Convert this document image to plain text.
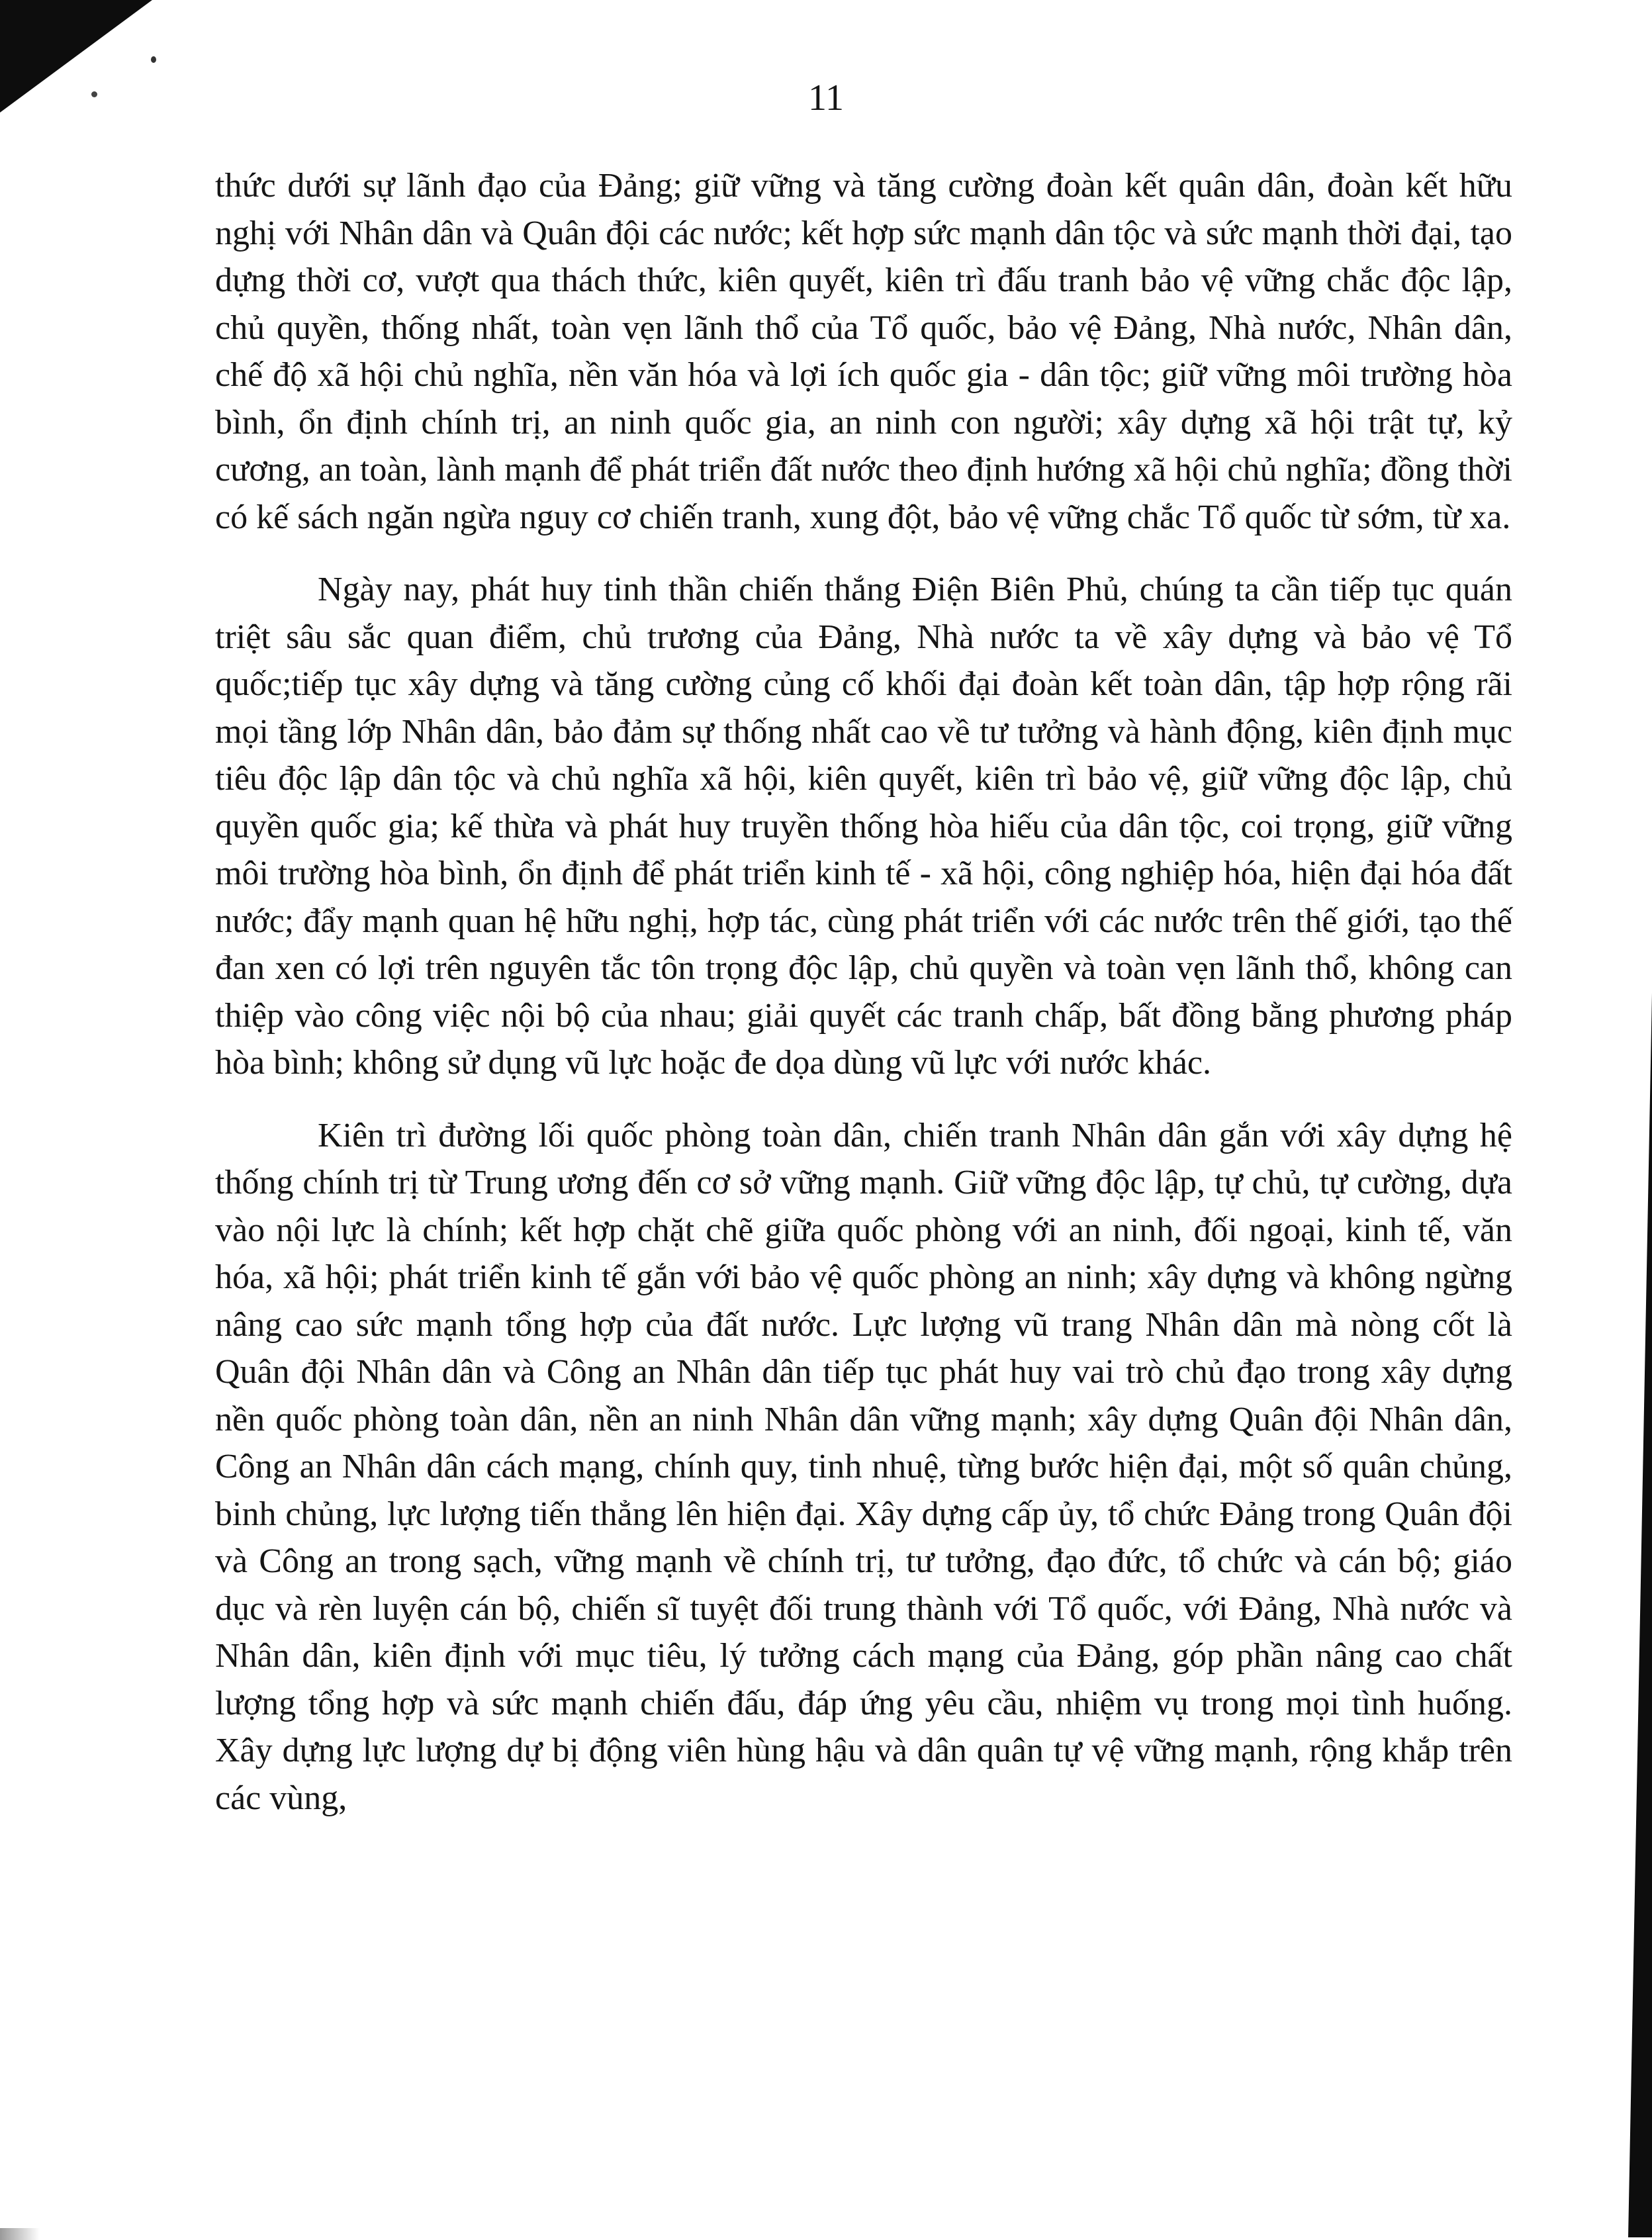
11

thức dưới sự lãnh đạo của Đảng; giữ vững và tăng cường đoàn kết quân dân, đoàn kết hữu nghị với Nhân dân và Quân đội các nước; kết hợp sức mạnh dân tộc và sức mạnh thời đại, tạo dựng thời cơ, vượt qua thách thức, kiên quyết, kiên trì đấu tranh bảo vệ vững chắc độc lập, chủ quyền, thống nhất, toàn vẹn lãnh thổ của Tổ quốc, bảo vệ Đảng, Nhà nước, Nhân dân, chế độ xã hội chủ nghĩa, nền văn hóa và lợi ích quốc gia - dân tộc; giữ vững môi trường hòa bình, ổn định chính trị, an ninh quốc gia, an ninh con người; xây dựng xã hội trật tự, kỷ cương, an toàn, lành mạnh để phát triển đất nước theo định hướng xã hội chủ nghĩa; đồng thời có kế sách ngăn ngừa nguy cơ chiến tranh, xung đột, bảo vệ vững chắc Tổ quốc từ sớm, từ xa.

Ngày nay, phát huy tinh thần chiến thắng Điện Biên Phủ, chúng ta cần tiếp tục quán triệt sâu sắc quan điểm, chủ trương của Đảng, Nhà nước ta về xây dựng và bảo vệ Tổ quốc;tiếp tục xây dựng và tăng cường củng cố khối đại đoàn kết toàn dân, tập hợp rộng rãi mọi tầng lớp Nhân dân, bảo đảm sự thống nhất cao về tư tưởng và hành động, kiên định mục tiêu độc lập dân tộc và chủ nghĩa xã hội, kiên quyết, kiên trì bảo vệ, giữ vững độc lập, chủ quyền quốc gia; kế thừa và phát huy truyền thống hòa hiếu của dân tộc, coi trọng, giữ vững môi trường hòa bình, ổn định để phát triển kinh tế - xã hội, công nghiệp hóa, hiện đại hóa đất nước; đẩy mạnh quan hệ hữu nghị, hợp tác, cùng phát triển với các nước trên thế giới, tạo thế đan xen có lợi trên nguyên tắc tôn trọng độc lập, chủ quyền và toàn vẹn lãnh thổ, không can thiệp vào công việc nội bộ của nhau; giải quyết các tranh chấp, bất đồng bằng phương pháp hòa bình; không sử dụng vũ lực hoặc đe dọa dùng vũ lực với nước khác.

Kiên trì đường lối quốc phòng toàn dân, chiến tranh Nhân dân gắn với xây dựng hệ thống chính trị từ Trung ương đến cơ sở vững mạnh. Giữ vững độc lập, tự chủ, tự cường, dựa vào nội lực là chính; kết hợp chặt chẽ giữa quốc phòng với an ninh, đối ngoại, kinh tế, văn hóa, xã hội; phát triển kinh tế gắn với bảo vệ quốc phòng an ninh; xây dựng và không ngừng nâng cao sức mạnh tổng hợp của đất nước. Lực lượng vũ trang Nhân dân mà nòng cốt là Quân đội Nhân dân và Công an Nhân dân tiếp tục phát huy vai trò chủ đạo trong xây dựng nền quốc phòng toàn dân, nền an ninh Nhân dân vững mạnh; xây dựng Quân đội Nhân dân, Công an Nhân dân cách mạng, chính quy, tinh nhuệ, từng bước hiện đại, một số quân chủng, binh chủng, lực lượng tiến thẳng lên hiện đại. Xây dựng cấp ủy, tổ chức Đảng trong Quân đội và Công an trong sạch, vững mạnh về chính trị, tư tưởng, đạo đức, tổ chức và cán bộ; giáo dục và rèn luyện cán bộ, chiến sĩ tuyệt đối trung thành với Tổ quốc, với Đảng, Nhà nước và Nhân dân, kiên định với mục tiêu, lý tưởng cách mạng của Đảng, góp phần nâng cao chất lượng tổng hợp và sức mạnh chiến đấu, đáp ứng yêu cầu, nhiệm vụ trong mọi tình huống. Xây dựng lực lượng dự bị động viên hùng hậu và dân quân tự vệ vững mạnh, rộng khắp trên các vùng,
